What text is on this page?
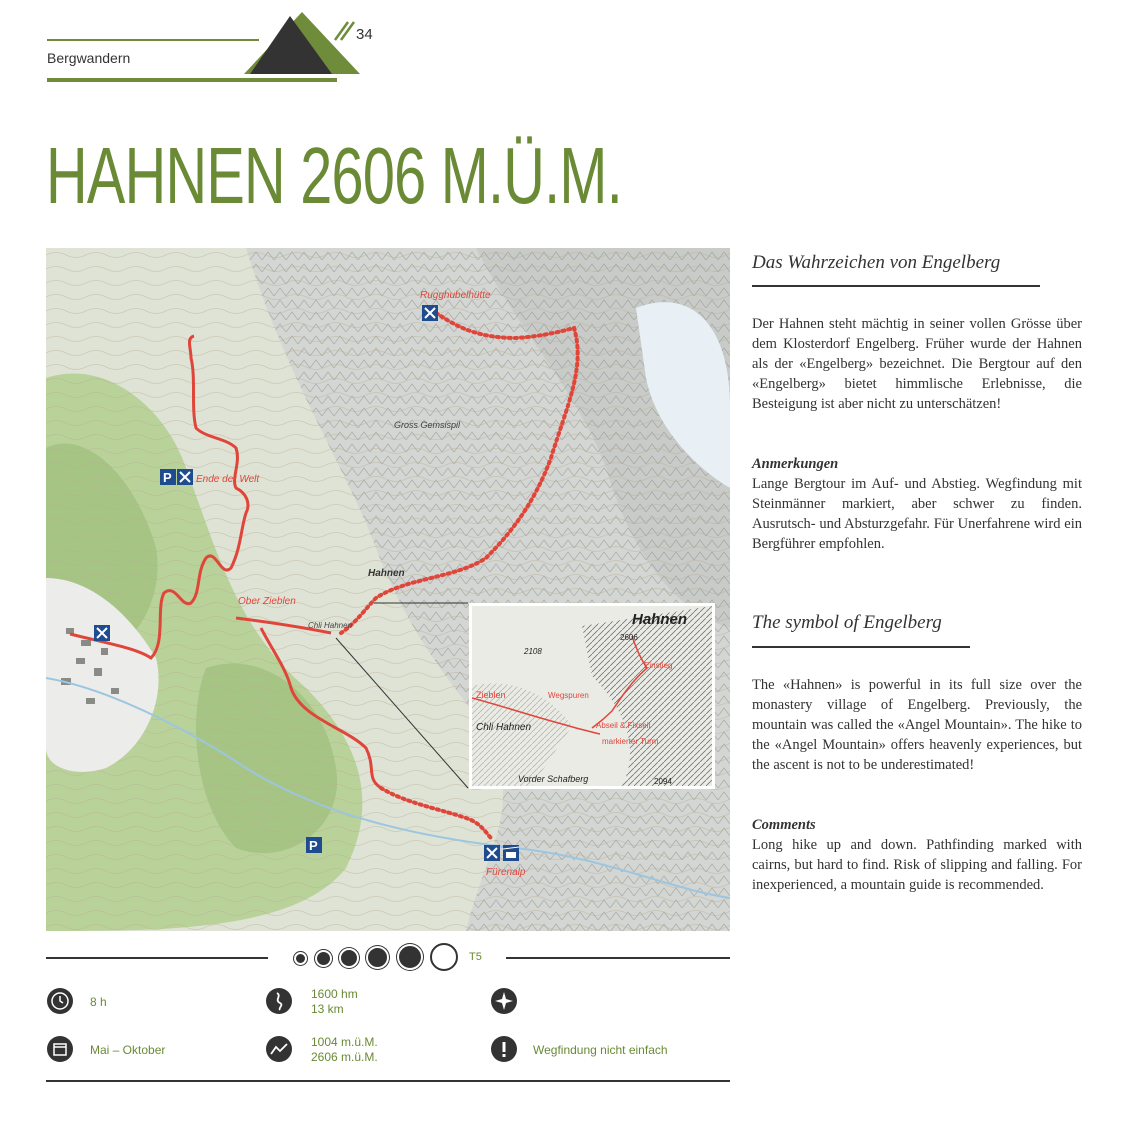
Bergwandern
34
HAHNEN 2606 M.Ü.M.
P
P
Rugghubelhütte
Ende der Welt
Ober Zieblen
Hahnen
Fürenalp
Gross Gemsispil
Chli Hahnen	Hahnen
2606
2108
2094
Einstieg
Wegspuren
Zieblen
Chli Hahnen	Abseil & Fixseil
markierter Turm
Vorder Schafberg
T5
8 h
1600 hm
13 km
Mai – Oktober
1004 m.ü.M.
2606 m.ü.M.	Wegfindung nicht einfach
Das Wahrzeichen von Engelberg
Der Hahnen steht mächtig in seiner vollen Grösse über dem Klosterdorf Engelberg. Früher wurde der Hahnen als der «Engelberg» bezeichnet. Die Bergtour auf den «Engelberg» bietet himmlische Erlebnisse, die Besteigung ist aber nicht zu unterschätzen!
Anmerkungen
Lange Bergtour im Auf- und Abstieg. Wegfindung mit Steinmänner markiert, aber schwer zu finden. Ausrutsch- und Absturzgefahr. Für Unerfahrene wird ein Bergführer empfohlen.
The symbol of Engelberg
The «Hahnen» is powerful in its full size over the monastery village of Engelberg. Previously, the mountain was called the «Angel Mountain». The hike to the «Angel Mountain» offers heavenly experiences, but the ascent is not to be underestimated!
Comments
Long hike up and down. Pathfinding marked with cairns, but hard to find. Risk of slipping and falling. For inexperienced, a mountain guide is recommended.
